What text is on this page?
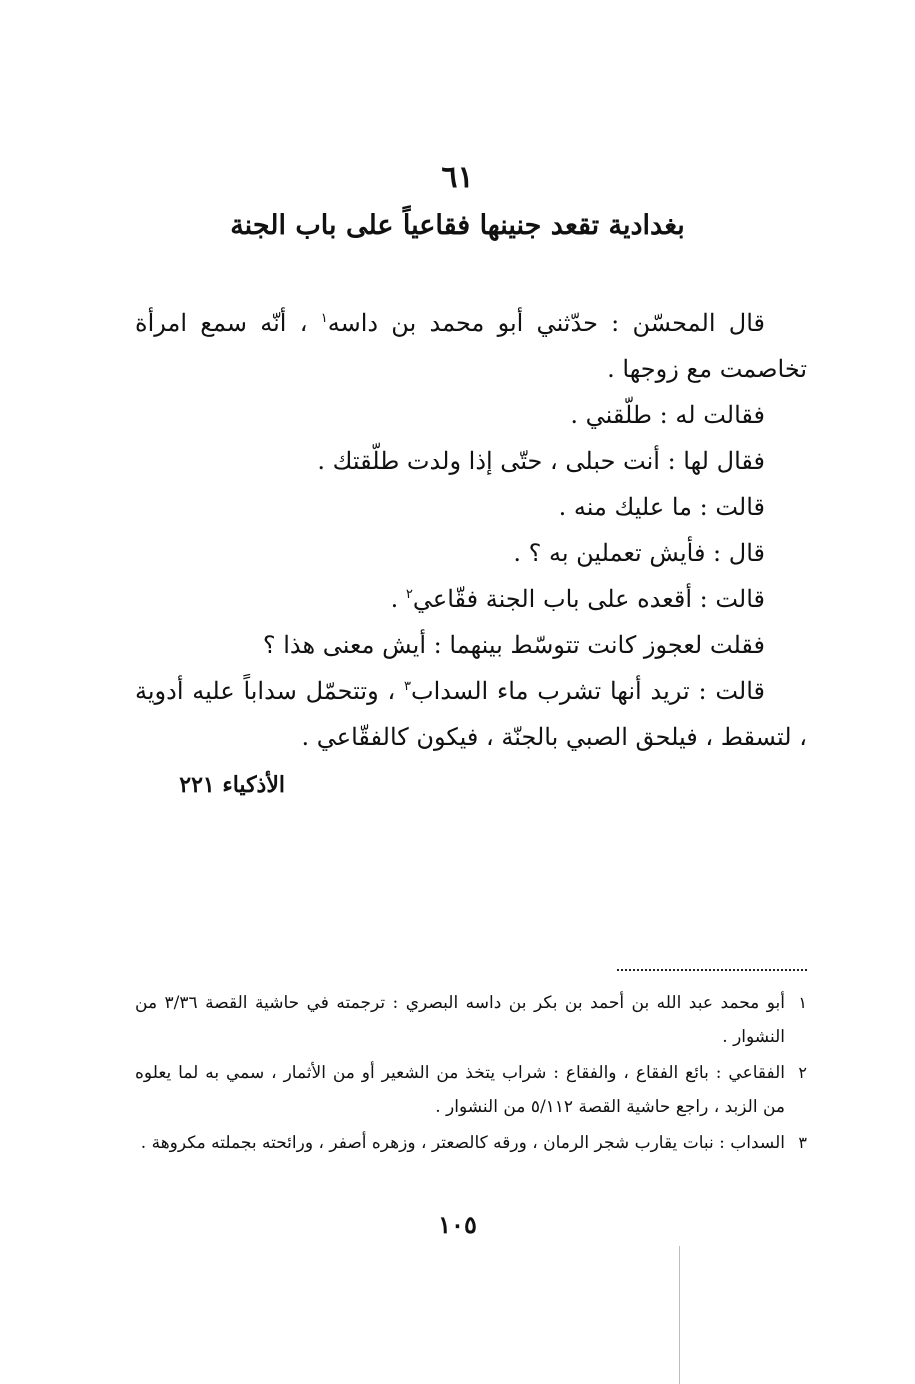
٦١
بغدادية تقعد جنينها فقاعياً على باب الجنة

قال المحسّن : حدّثني أبو محمد بن داسه$^١$ ، أنّه سمع امرأة تخاصمت مع زوجها .

فقالت له : طلّقني .

فقال لها : أنت حبلى ، حتّى إذا ولدت طلّقتك .

قالت : ما عليك منه .

قال : فأيش تعملين به ؟ .

قالت : أقعده على باب الجنة فقّاعي$^٢$ .

فقلت لعجوز كانت تتوسّط بينهما : أيش معنى هذا ؟

قالت : تريد أنها تشرب ماء السداب$^٣$ ، وتتحمّل سداباً عليه أدوية ، لتسقط ، فيلحق الصبي بالجنّة ، فيكون كالفقّاعي .

الأذكياء ٢٢١
١
أبو محمد عبد الله بن أحمد بن بكر بن داسه البصري : ترجمته في حاشية القصة ٣/٣٦ من النشوار .
٢
الفقاعي : بائع الفقاع ، والفقاع : شراب يتخذ من الشعير أو من الأثمار ، سمي به لما يعلوه من الزبد ، راجع حاشية القصة ٥/١١٢ من النشوار .
٣
السداب : نبات يقارب شجر الرمان ، ورقه كالصعتر ، وزهره أصفر ، ورائحته بجملته مكروهة .
١٠٥
